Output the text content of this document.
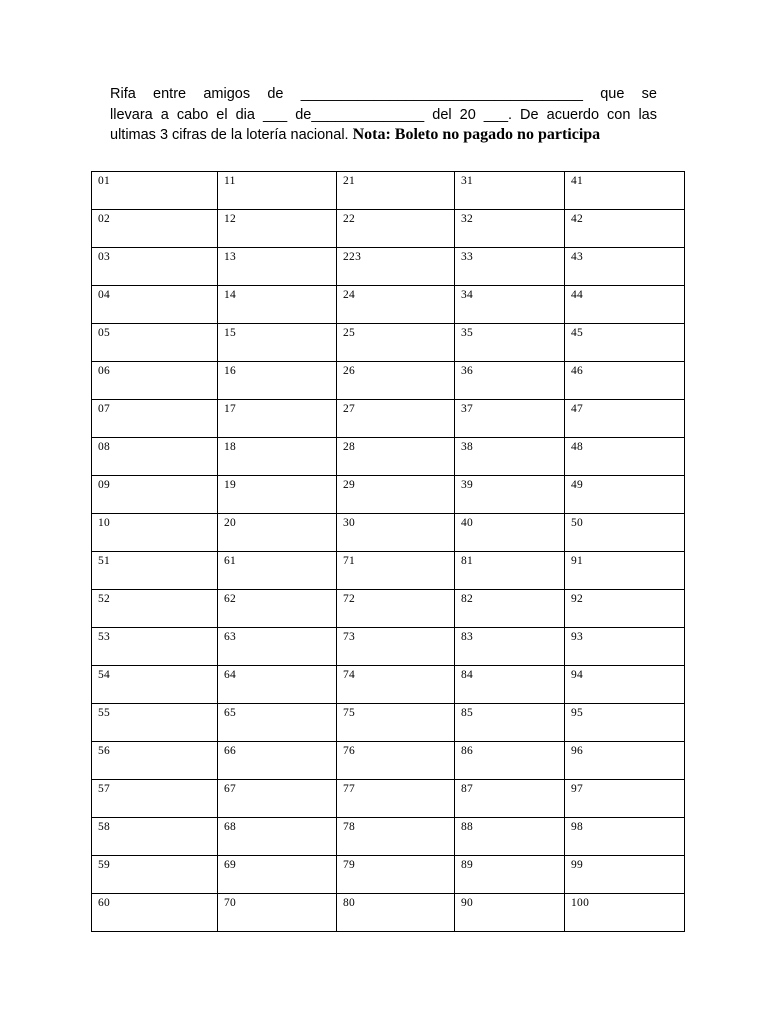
Rifa entre amigos de ___________________________________ que se
llevara a cabo el dia ___ de______________ del 20 ___. De acuerdo con las
ultimas 3 cifras de la lotería nacional. Nota: Boleto no pagado no participa
01	11	21	31	41

02	12	22	32	42

03	13	223	33	43

04	14	24	34	44

05	15	25	35	45

06	16	26	36	46

07	17	27	37	47

08	18	28	38	48

09	19	29	39	49

10	20	30	40	50

51	61	71	81	91

52	62	72	82	92

53	63	73	83	93

54	64	74	84	94

55	65	75	85	95

56	66	76	86	96

57	67	77	87	97

58	68	78	88	98

59	69	79	89	99

60	70	80	90	100
